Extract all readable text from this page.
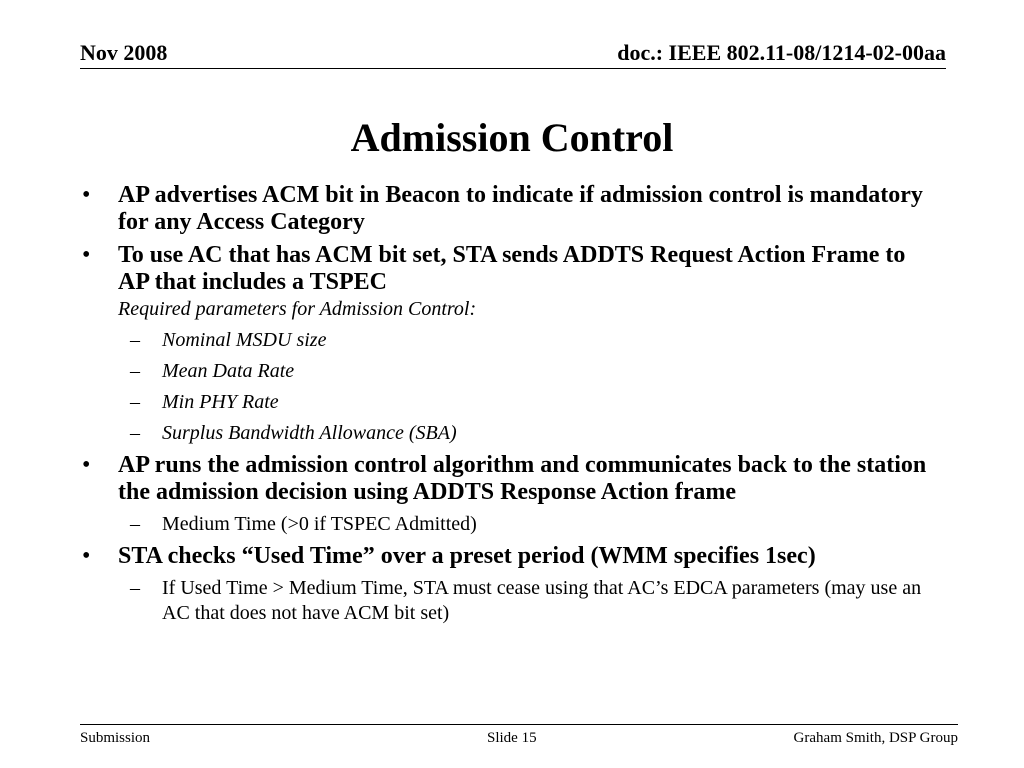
Nov 2008	doc.: IEEE 802.11-08/1214-02-00aa
Admission Control
• AP advertises ACM bit in Beacon to indicate if admission control is mandatory for any Access Category
• To use AC that has ACM bit set, STA sends ADDTS Request Action Frame to AP that includes a TSPEC
Required parameters for Admission Control:
– Nominal MSDU size
– Mean Data Rate
– Min PHY Rate
– Surplus Bandwidth Allowance (SBA)
• AP runs the admission control algorithm and communicates back to the station the admission decision using ADDTS Response Action frame
– Medium Time (>0 if TSPEC Admitted)
• STA checks “Used Time” over a preset period (WMM specifies 1sec)
– If Used Time > Medium Time, STA must cease using that AC’s EDCA parameters (may use an AC that does not have ACM bit set)
Submission	Slide 15	Graham Smith, DSP Group
